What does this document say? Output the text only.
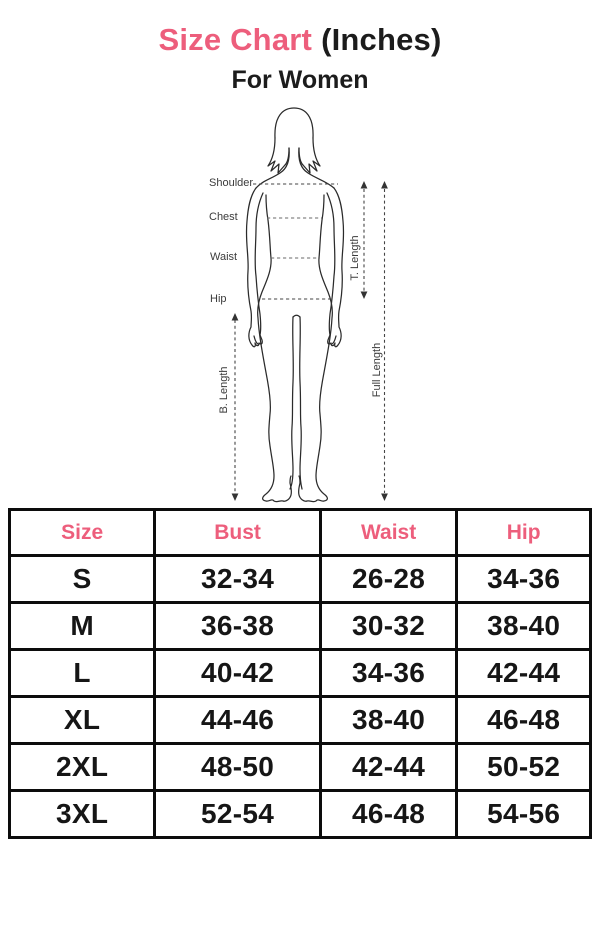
Size Chart (Inches)
For Women
Shoulder
Chest
Waist
Hip
T. Length
B. Length	Full Length
Size	Bust	Waist	Hip
S	32-34	26-28	34-36
M	36-38	30-32	38-40
L	40-42	34-36	42-44
XL	44-46	38-40	46-48
2XL	48-50	42-44	50-52
3XL	52-54	46-48	54-56
